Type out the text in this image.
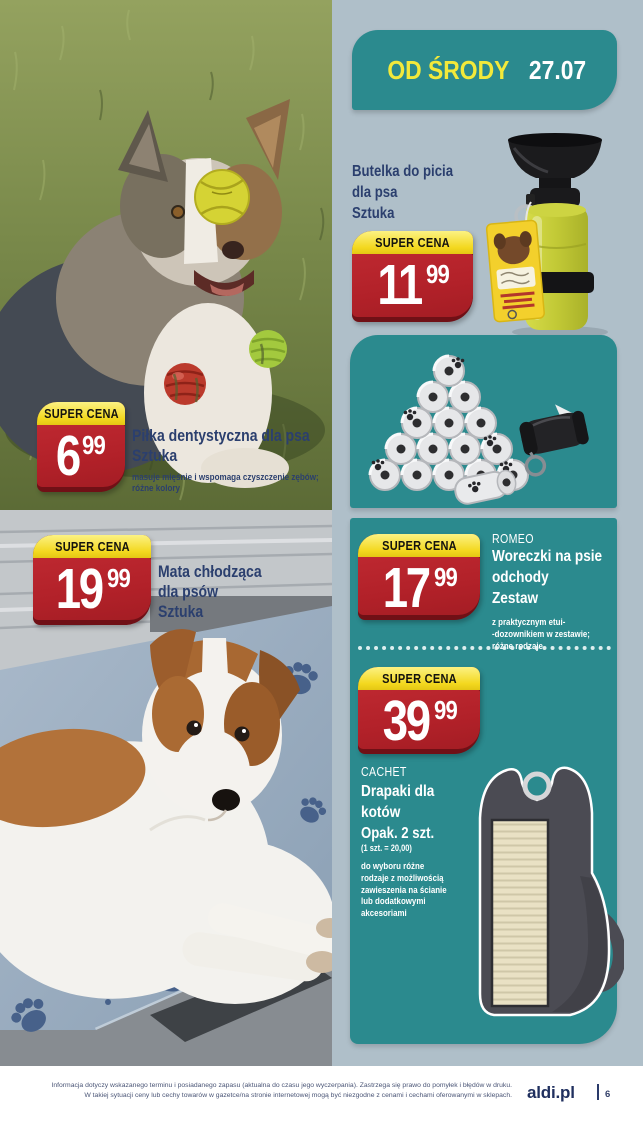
SUPER CENA
6 99 Piłka dentystyczna dla psa
Sztuka
masuje mięśnie i wspomaga czyszczenie zębów;
różne kolory
SUPER CENA
19 99 Mata chłodząca
dla psów
Sztuka
OD ŚRODY 27.07
Butelka do picia
dla psa
Sztuka
SUPER CENA
11 99
SUPER CENA
17 99
ROMEO
Woreczki na psie
odchody
Zestaw
z praktycznym etui-
-dozownikiem w zestawie;
różne rodzaje
SUPER CENA
39 99
CACHET
Drapaki dla
kotów
Opak. 2 szt.
(1 szt. = 20,00)
do wyboru różne
rodzaje z możliwością
zawieszenia na ścianie
lub dodatkowymi
akcesoriami
Informacja dotyczy wskazanego terminu i posiadanego zapasu (aktualna do czasu jego wyczerpania). Zastrzega się prawo do pomyłek i błędów w druku.
W takiej sytuacji ceny lub cechy towarów w gazetce/na stronie internetowej mogą być niezgodne z cenami i cechami oferowanymi w sklepach. aldi.pl	6
